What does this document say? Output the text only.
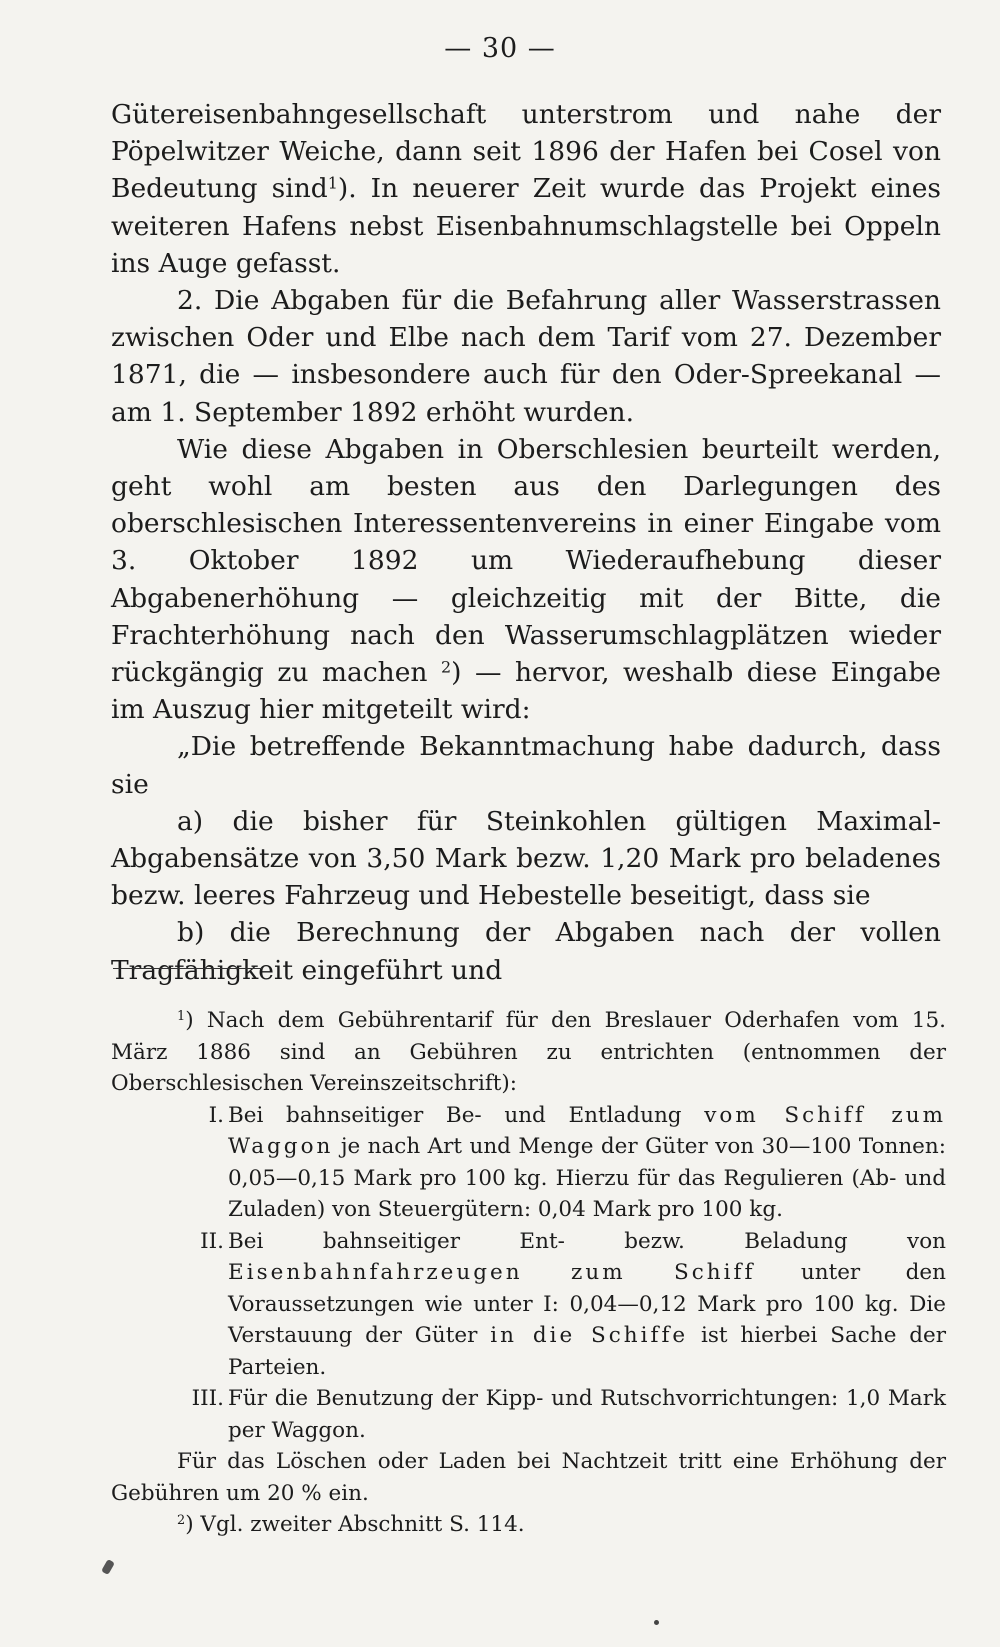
— 30 —

Gütereisenbahngesellschaft unterstrom und nahe der Pöpelwitzer Weiche, dann seit 1896 der Hafen bei Cosel von Bedeutung sind$^1$). In neuerer Zeit wurde das Projekt eines weiteren Hafens nebst Eisenbahnumschlagstelle bei Oppeln ins Auge gefasst.

2. Die Abgaben für die Befahrung aller Wasserstrassen zwischen Oder und Elbe nach dem Tarif vom 27. Dezember 1871, die — insbesondere auch für den Oder-Spreekanal — am 1. September 1892 erhöht wurden.

Wie diese Abgaben in Oberschlesien beurteilt werden, geht wohl am besten aus den Darlegungen des oberschlesischen Interessentenvereins in einer Eingabe vom 3. Oktober 1892 um Wiederaufhebung dieser Abgabenerhöhung — gleichzeitig mit der Bitte, die Frachterhöhung nach den Wasserumschlagplätzen wieder rückgängig zu machen $^2$) — hervor, weshalb diese Eingabe im Auszug hier mitgeteilt wird:

„Die betreffende Bekanntmachung habe dadurch, dass sie

a) die bisher für Steinkohlen gültigen Maximal-Abgabensätze von 3,50 Mark bezw. 1,20 Mark pro beladenes bezw. leeres Fahrzeug und Hebestelle beseitigt, dass sie

b) die Berechnung der Abgaben nach der vollen Tragfähigkeit eingeführt und

$^1$) Nach dem Gebührentarif für den Breslauer Oderhafen vom 15. März 1886 sind an Gebühren zu entrichten (entnommen der Oberschlesischen Vereinszeitschrift):

I. Bei bahnseitiger Be- und Entladung vom Schiff zum Waggon je nach Art und Menge der Güter von 30—100 Tonnen: 0,05—0,15 Mark pro 100 kg. Hierzu für das Regulieren (Ab- und Zuladen) von Steuergütern: 0,04 Mark pro 100 kg.
II. Bei bahnseitiger Ent- bezw. Beladung von Eisenbahnfahrzeugen zum Schiff unter den Voraussetzungen wie unter I: 0,04—0,12 Mark pro 100 kg. Die Verstauung der Güter in die Schiffe ist hierbei Sache der Parteien.
III. Für die Benutzung der Kipp- und Rutschvorrichtungen: 1,0 Mark per Waggon.

Für das Löschen oder Laden bei Nachtzeit tritt eine Erhöhung der Gebühren um 20 % ein.

$^2$) Vgl. zweiter Abschnitt S. 114.
